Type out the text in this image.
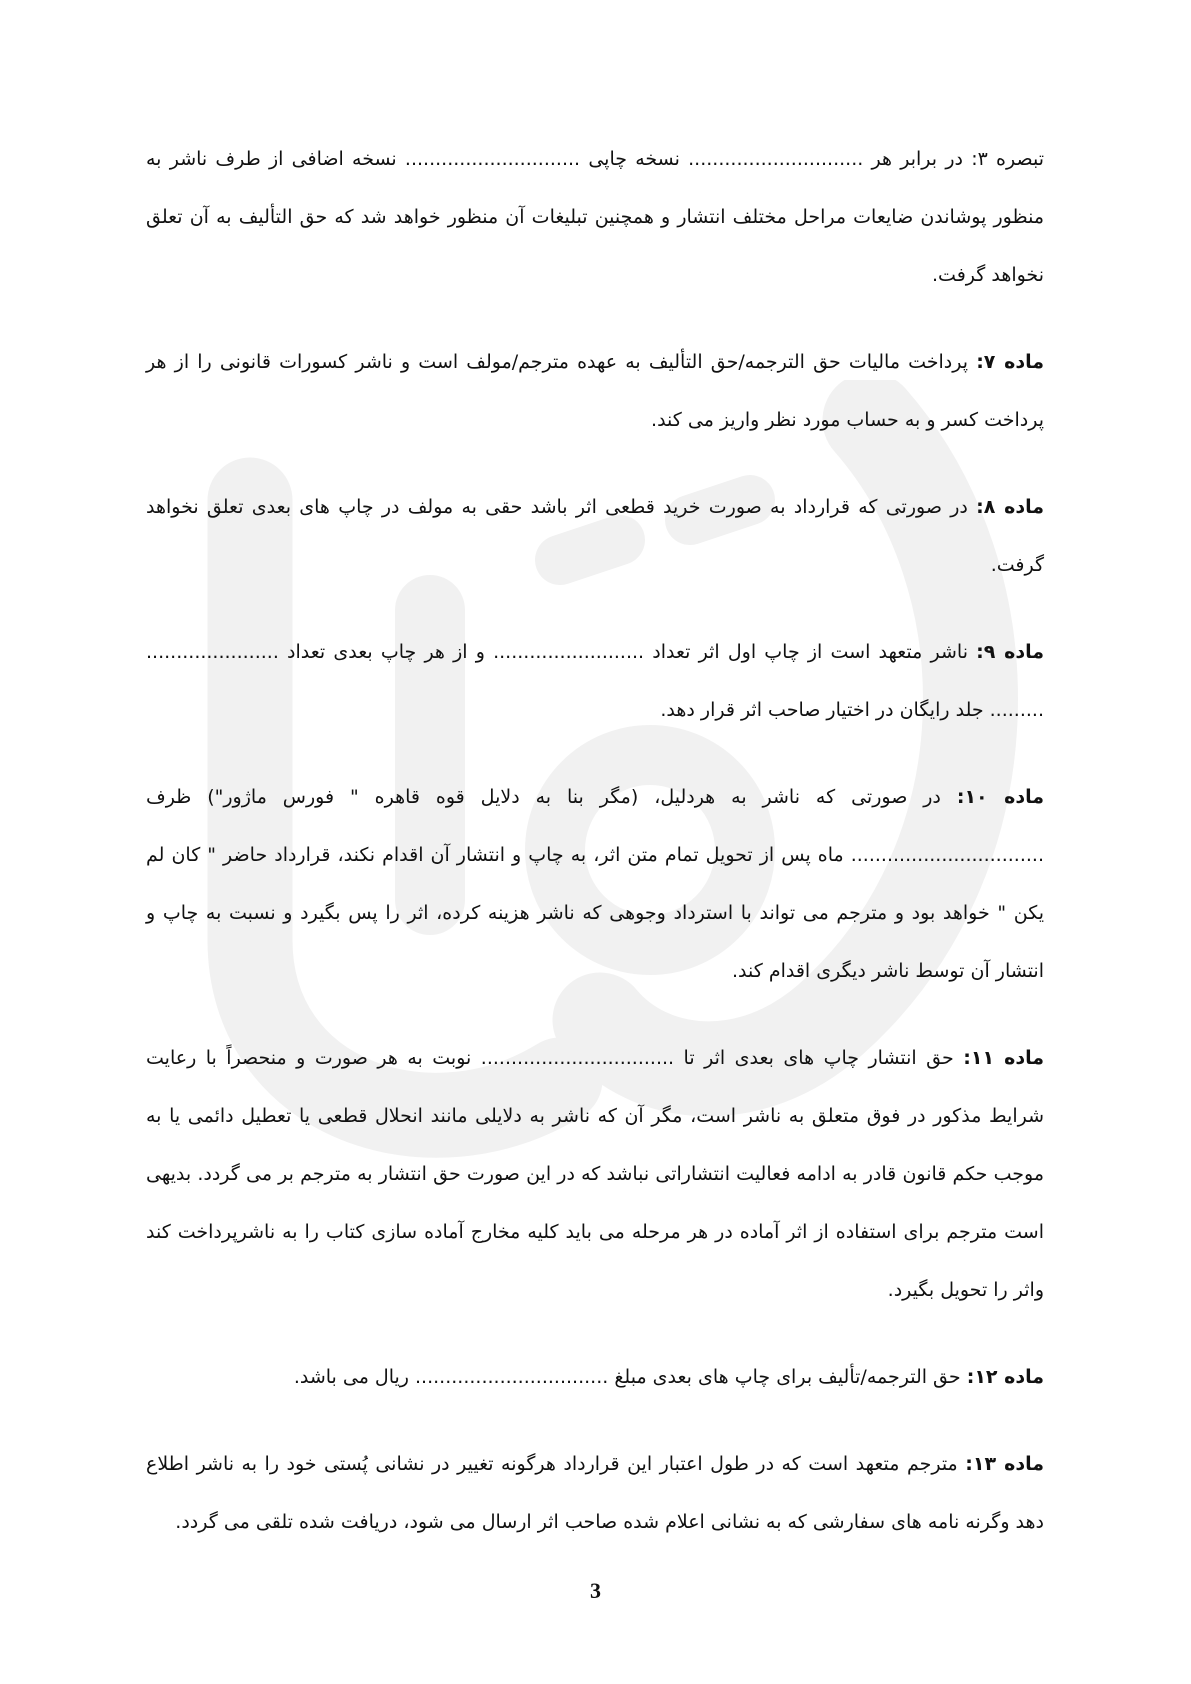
تبصره ۳: در برابر هر ............................. نسخه چاپی ............................. نسخه اضافی از طرف ناشر به منظور پوشاندن ضایعات مراحل مختلف انتشار و همچنین تبلیغات آن منظور خواهد شد که حق التألیف به آن تعلق نخواهد گرفت.

ماده ۷: پرداخت مالیات حق الترجمه/حق التألیف به عهده مترجم/مولف است و ناشر کسورات قانونی را از هر پرداخت کسر و به حساب مورد نظر واریز می کند.

ماده ۸: در صورتی که قرارداد به صورت خرید قطعی اثر باشد حقی به مولف در چاپ های بعدی تعلق نخواهد گرفت.

ماده ۹: ناشر متعهد است از چاپ اول اثر تعداد ......................... و از هر چاپ بعدی تعداد ...................... ......... جلد رایگان در اختیار صاحب اثر قرار دهد.

ماده ۱۰: در صورتی که ناشر به هردلیل، (مگر بنا به دلایل قوه قاهره " فورس ماژور") ظرف ................................ ماه پس از تحویل تمام متن اثر، به چاپ و انتشار آن اقدام نکند، قرارداد حاضر " کان لم یکن " خواهد بود و مترجم می تواند با استرداد وجوهی که ناشر هزینه کرده، اثر را پس بگیرد و نسبت به چاپ و انتشار آن توسط ناشر دیگری اقدام کند.

ماده ۱۱: حق انتشار چاپ های بعدی اثر تا ................................ نوبت به هر صورت و منحصراً با رعایت شرایط مذکور در فوق متعلق به ناشر است، مگر آن که ناشر به دلایلی مانند انحلال قطعی یا تعطیل دائمی یا به موجب حکم قانون قادر به ادامه فعالیت انتشاراتی نباشد که در این صورت حق انتشار به مترجم بر می گردد. بدیهی است مترجم برای استفاده از اثر آماده در هر مرحله می باید کلیه مخارج آماده سازی کتاب را به ناشرپرداخت کند واثر را تحویل بگیرد.

ماده ۱۲: حق الترجمه/تألیف برای چاپ های بعدی مبلغ ................................ ریال می باشد.

ماده ۱۳: مترجم متعهد است که در طول اعتبار این قرارداد هرگونه تغییر در نشانی پُستی خود را به ناشر اطلاع دهد وگرنه نامه های سفارشی که به نشانی اعلام شده صاحب اثر ارسال می شود، دریافت شده تلقی می گردد.

3
